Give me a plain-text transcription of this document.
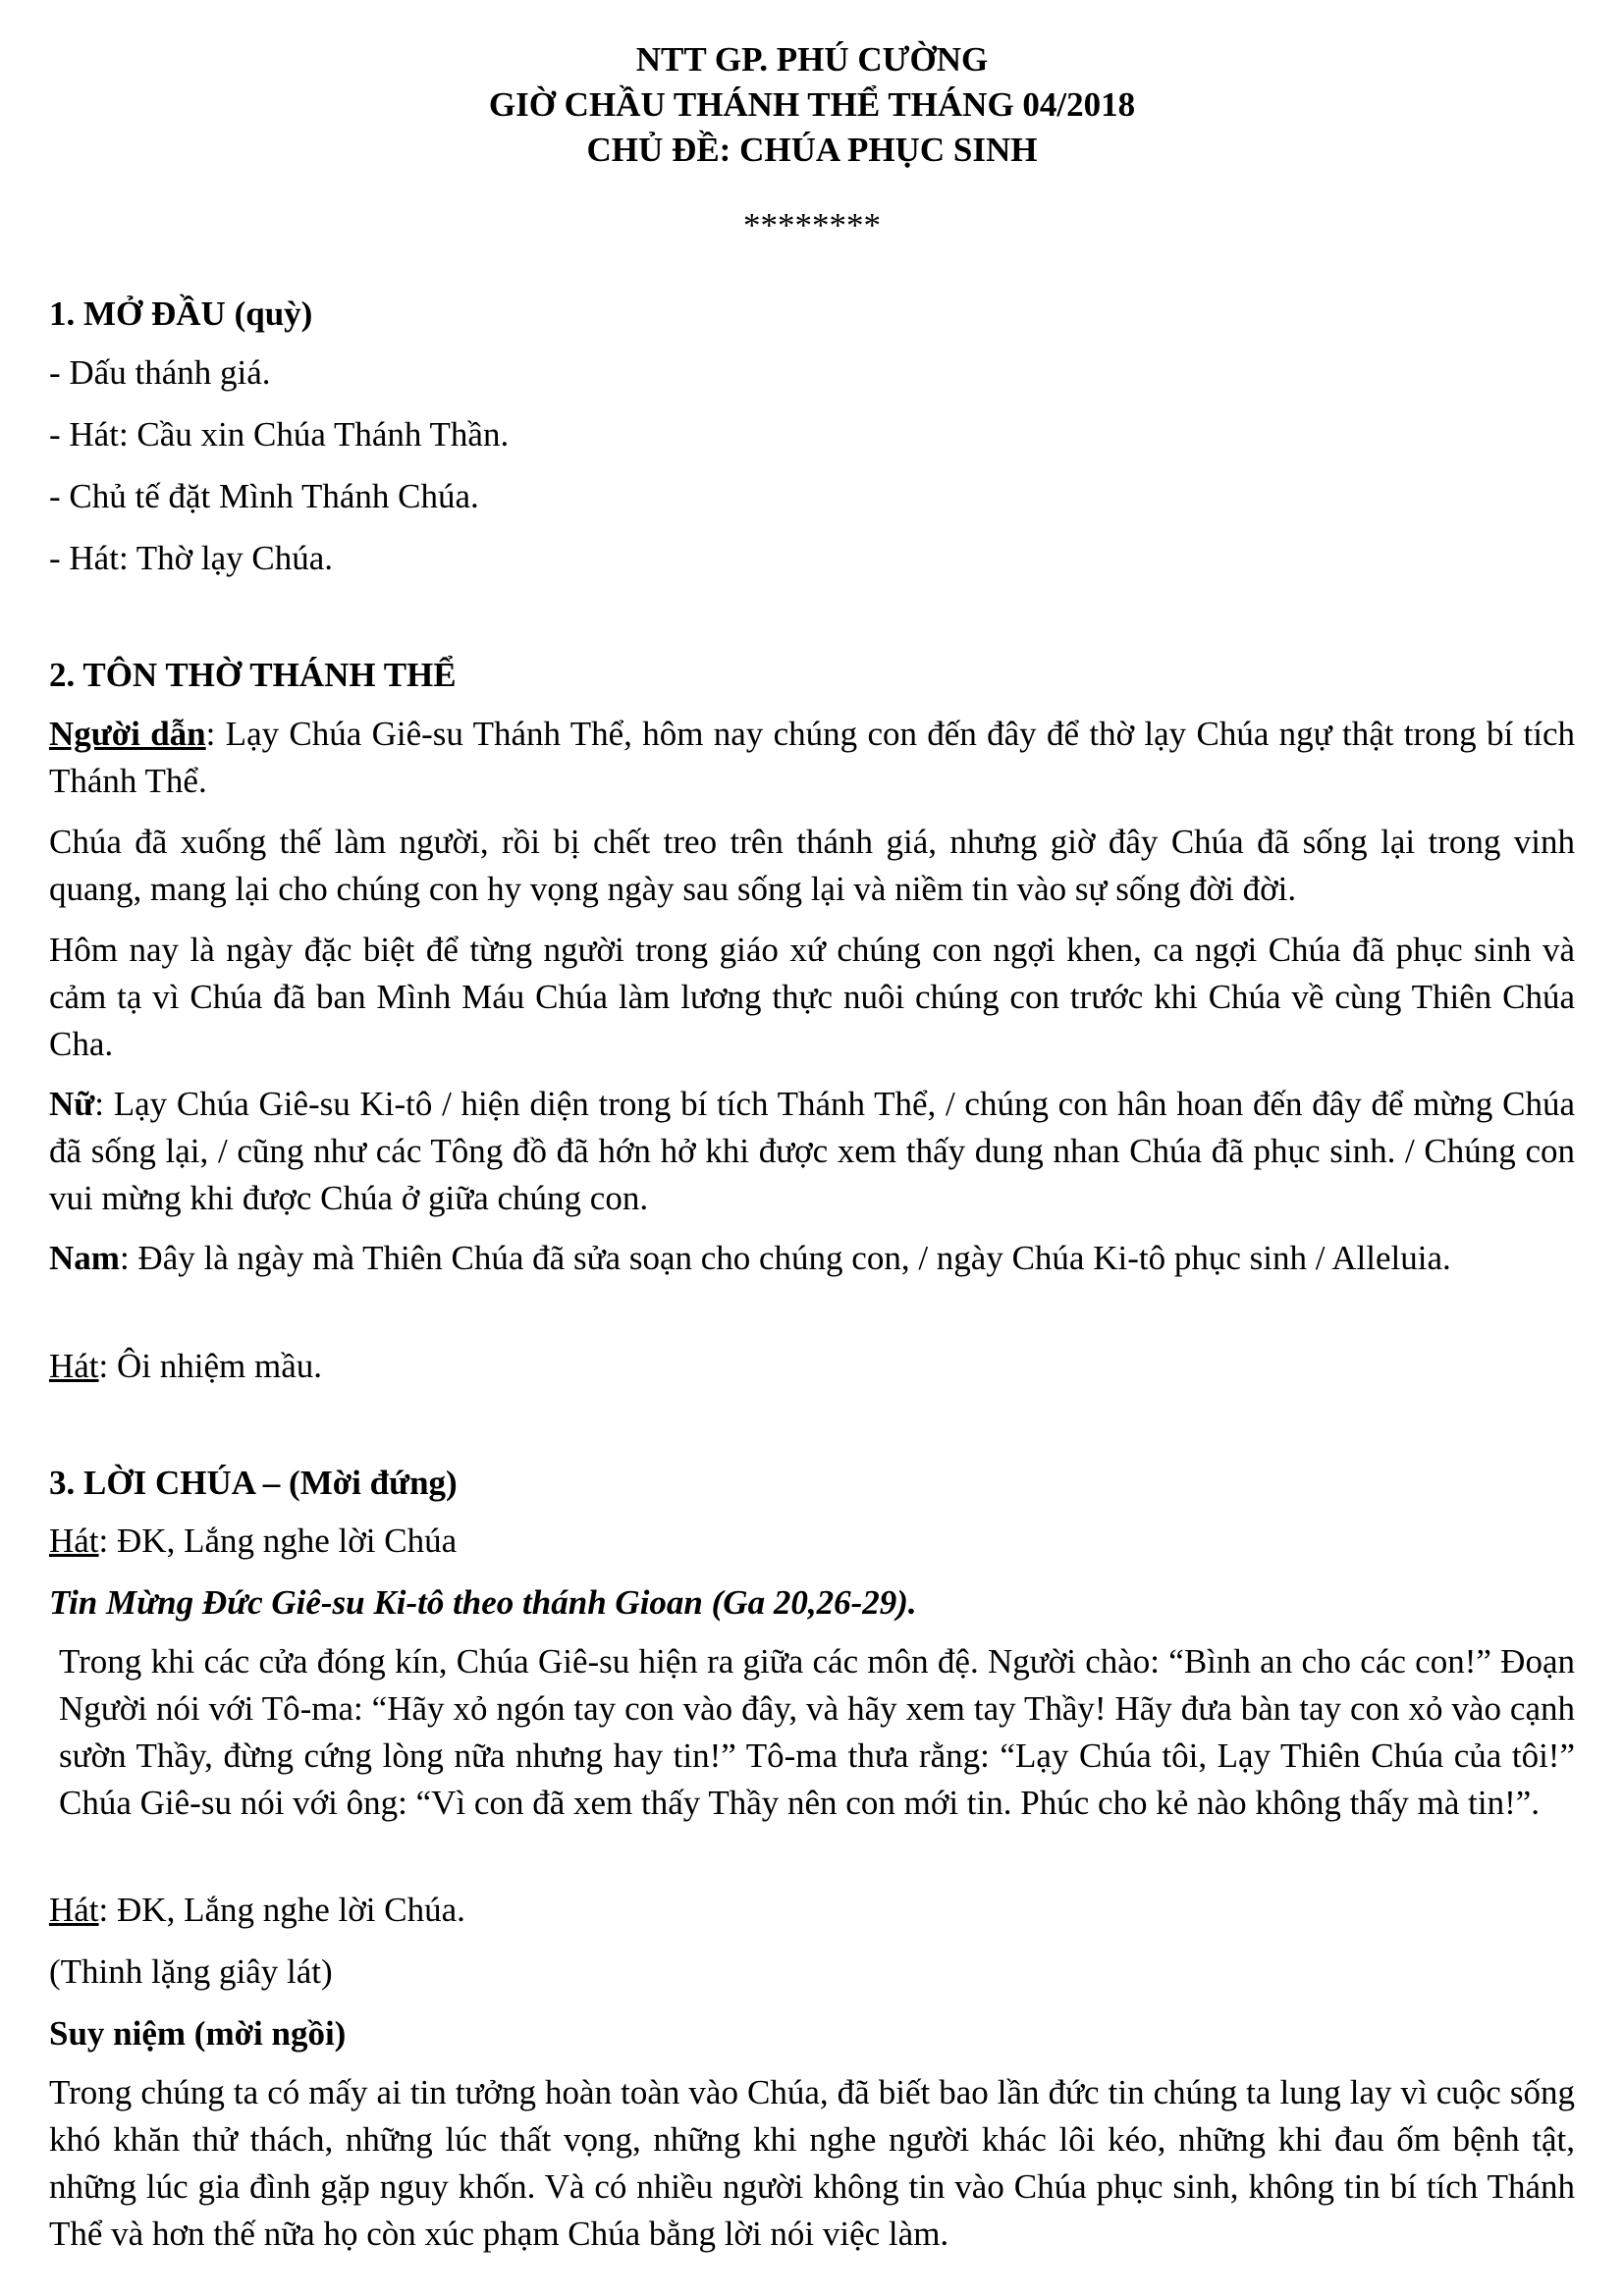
NTT GP. PHÚ CƯỜNG
GIỜ CHẦU THÁNH THỂ THÁNG 04/2018
CHỦ ĐỀ: CHÚA PHỤC SINH
********
1. MỞ ĐẦU (quỳ)
- Dấu thánh giá.
- Hát: Cầu xin Chúa Thánh Thần.
- Chủ tế đặt Mình Thánh Chúa.
- Hát: Thờ lạy Chúa.
2. TÔN THỜ THÁNH THỂ
Người dẫn: Lạy Chúa Giê-su Thánh Thể, hôm nay chúng con đến đây để thờ lạy Chúa ngự thật trong bí tích Thánh Thể.
Chúa đã xuống thế làm người, rồi bị chết treo trên thánh giá, nhưng giờ đây Chúa đã sống lại trong vinh quang, mang lại cho chúng con hy vọng ngày sau sống lại và niềm tin vào sự sống đời đời.
Hôm nay là ngày đặc biệt để từng người trong giáo xứ chúng con ngợi khen, ca ngợi Chúa đã phục sinh và cảm tạ vì Chúa đã ban Mình Máu Chúa làm lương thực nuôi chúng con trước khi Chúa về cùng Thiên Chúa Cha.
Nữ: Lạy Chúa Giê-su Ki-tô / hiện diện trong bí tích Thánh Thể, / chúng con hân hoan đến đây để mừng Chúa đã sống lại, / cũng như các Tông đồ đã hớn hở khi được xem thấy dung nhan Chúa đã phục sinh. / Chúng con vui mừng khi được Chúa ở giữa chúng con.
Nam: Đây là ngày mà Thiên Chúa đã sửa soạn cho chúng con, / ngày Chúa Ki-tô phục sinh / Alleluia.
Hát: Ôi nhiệm mầu.
3. LỜI CHÚA – (Mời đứng)
Hát: ĐK, Lắng nghe lời Chúa
Tin Mừng Đức Giê-su Ki-tô theo thánh Gioan (Ga 20,26-29).
Trong khi các cửa đóng kín, Chúa Giê-su hiện ra giữa các môn đệ. Người chào: “Bình an cho các con!” Đoạn Người nói với Tô-ma: “Hãy xỏ ngón tay con vào đây, và hãy xem tay Thầy! Hãy đưa bàn tay con xỏ vào cạnh sườn Thầy, đừng cứng lòng nữa nhưng hay tin!” Tô-ma thưa rằng: “Lạy Chúa tôi, Lạy Thiên Chúa của tôi!” Chúa Giê-su nói với ông: “Vì con đã xem thấy Thầy nên con mới tin. Phúc cho kẻ nào không thấy mà tin!”.
Hát: ĐK, Lắng nghe lời Chúa.
(Thinh lặng giây lát)
Suy niệm (mời ngồi)
Trong chúng ta có mấy ai tin tưởng hoàn toàn vào Chúa, đã biết bao lần đức tin chúng ta lung lay vì cuộc sống khó khăn thử thách, những lúc thất vọng, những khi nghe người khác lôi kéo, những khi đau ốm bệnh tật, những lúc gia đình gặp nguy khốn. Và có nhiều người không tin vào Chúa phục sinh, không tin bí tích Thánh Thể và hơn thế nữa họ còn xúc phạm Chúa bằng lời nói việc làm.
